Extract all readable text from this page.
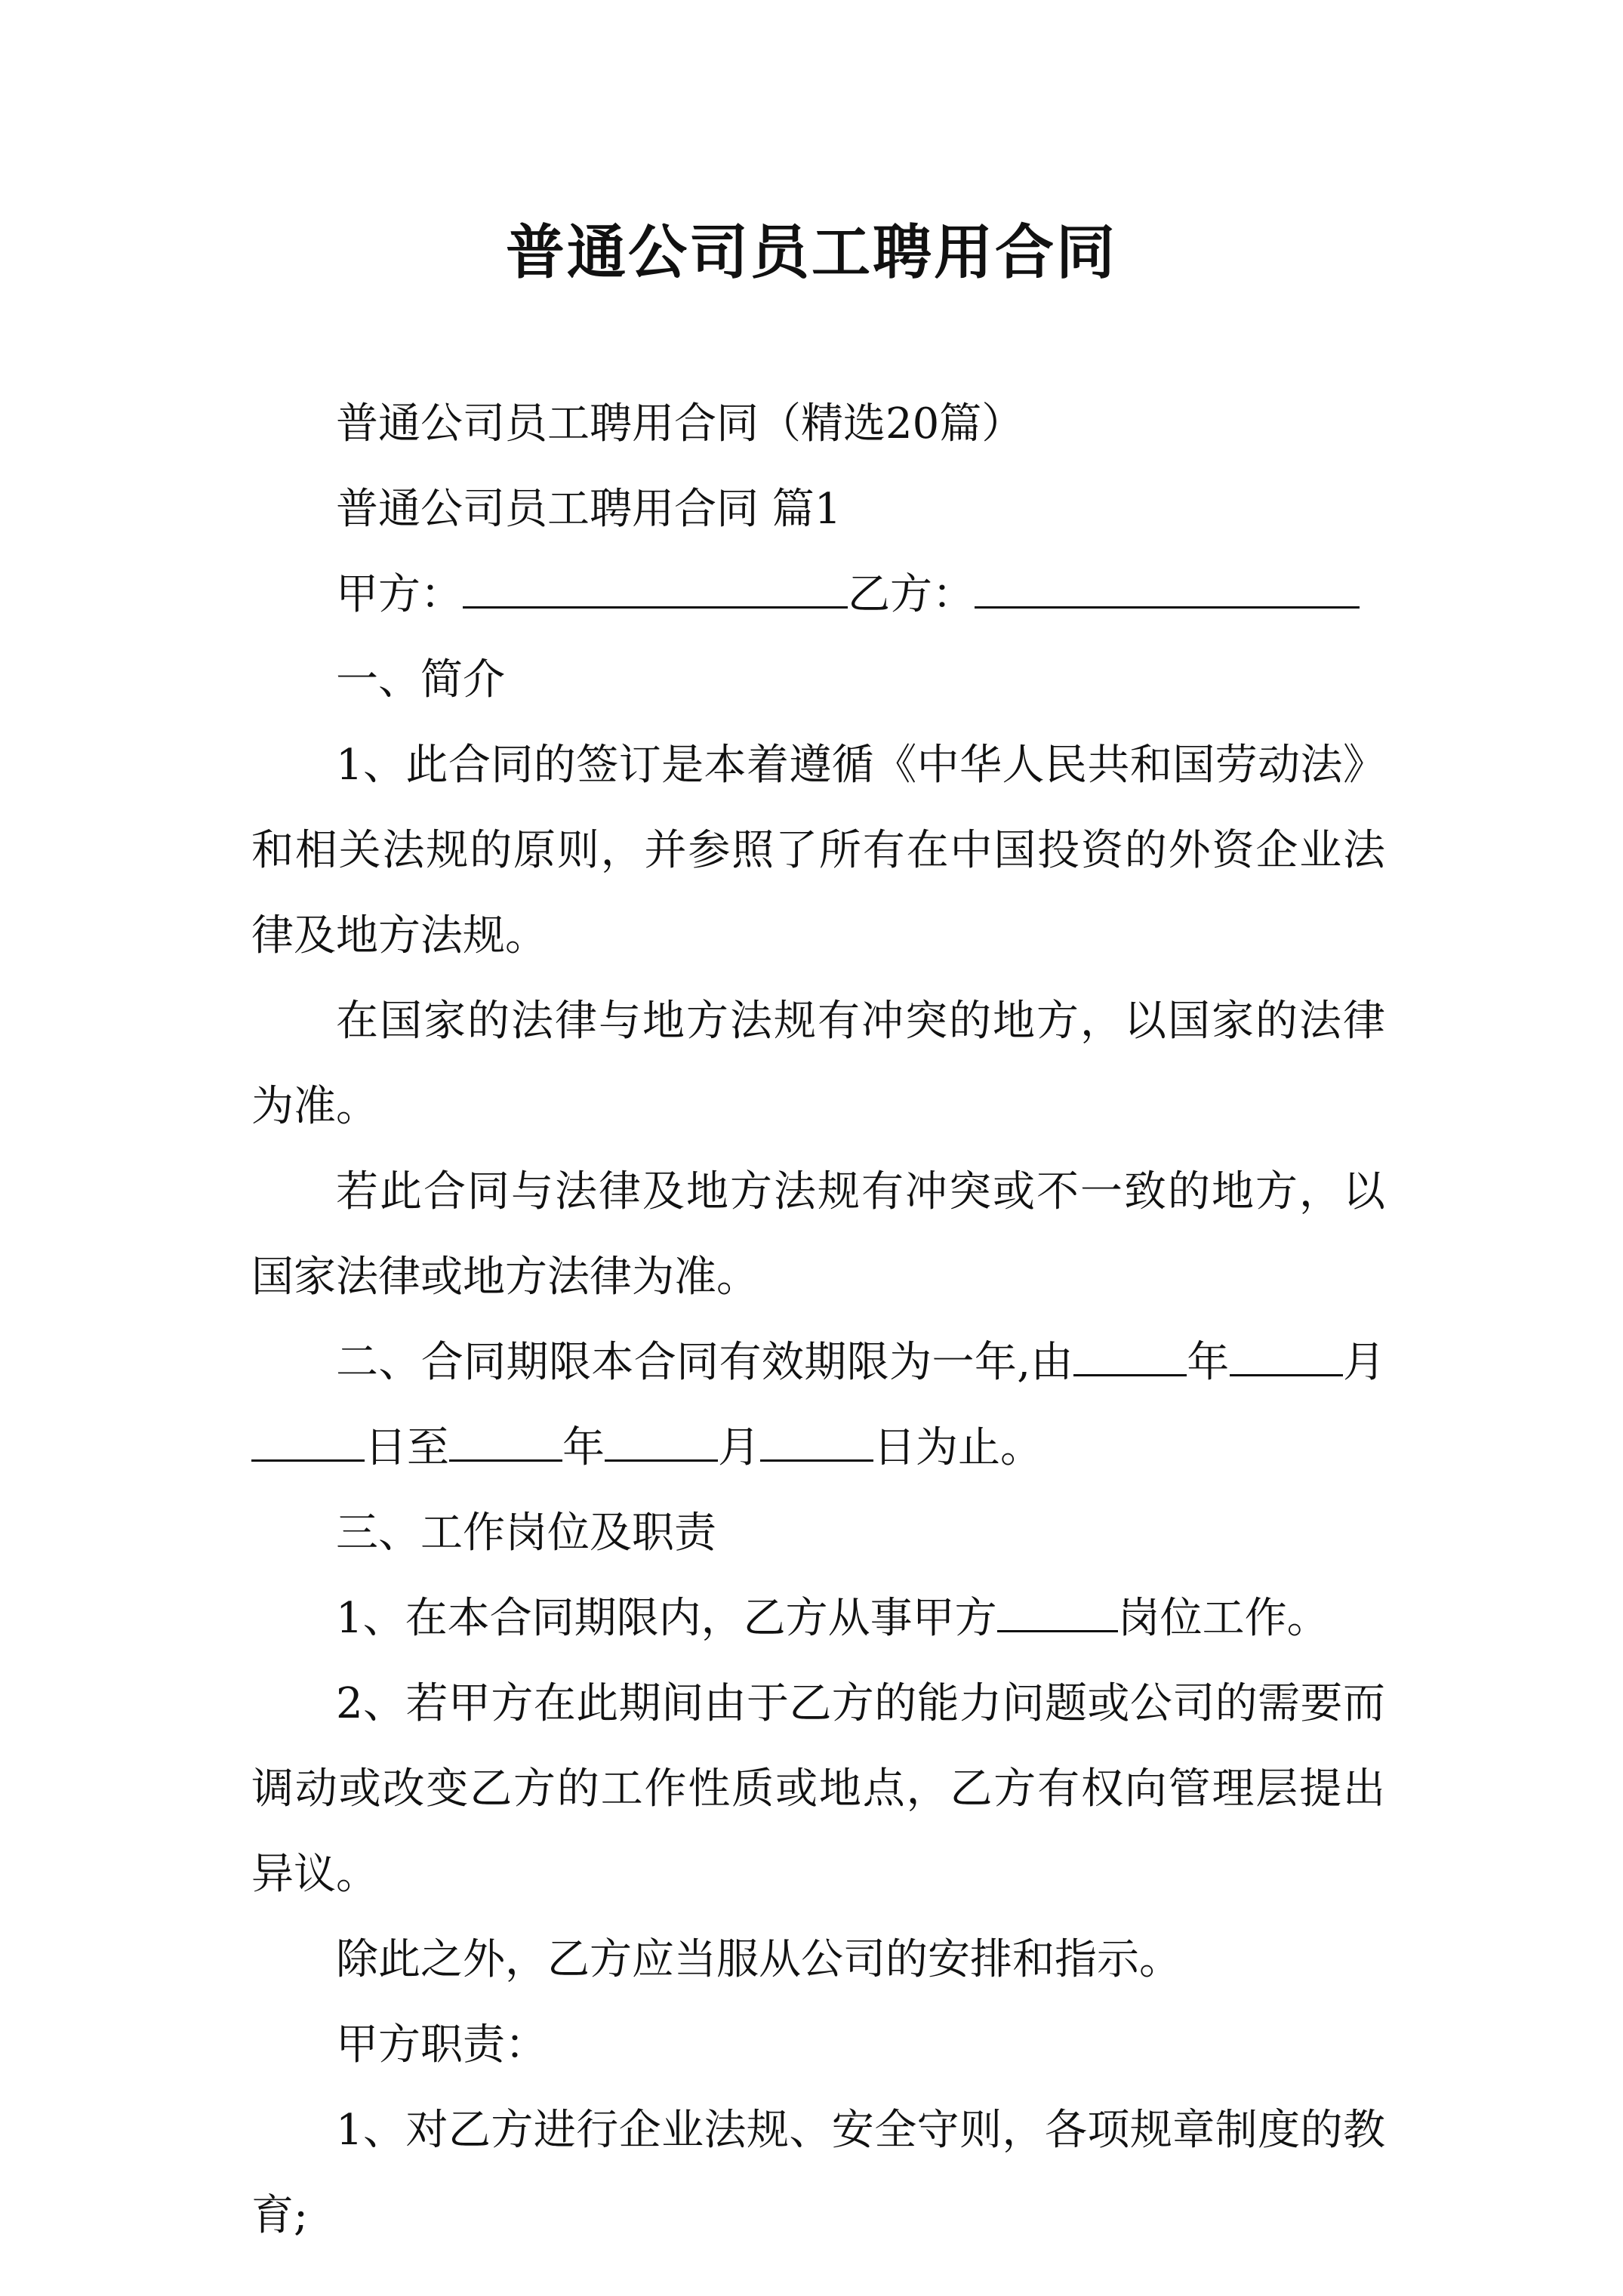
普通公司员工聘用合同

普通公司员工聘用合同（精选20篇）

普通公司员工聘用合同 篇1

甲方：	乙方：

一、简介

1、此合同的签订是本着遵循《中华人民共和国劳动法》和相关法规的原则，并参照了所有在中国投资的外资企业法律及地方法规。

在国家的法律与地方法规有冲突的地方，以国家的法律为准。

若此合同与法律及地方法规有冲突或不一致的地方，以国家法律或地方法律为准。

二、合同期限本合同有效期限为一年,由	年	月日至	年	月	日为止。

三、工作岗位及职责

1、在本合同期限内，乙方从事甲方	岗位工作。

2、若甲方在此期间由于乙方的能力问题或公司的需要而调动或改变乙方的工作性质或地点，乙方有权向管理层提出异议。

除此之外，乙方应当服从公司的安排和指示。

甲方职责：

1、对乙方进行企业法规、安全守则，各项规章制度的教育;
